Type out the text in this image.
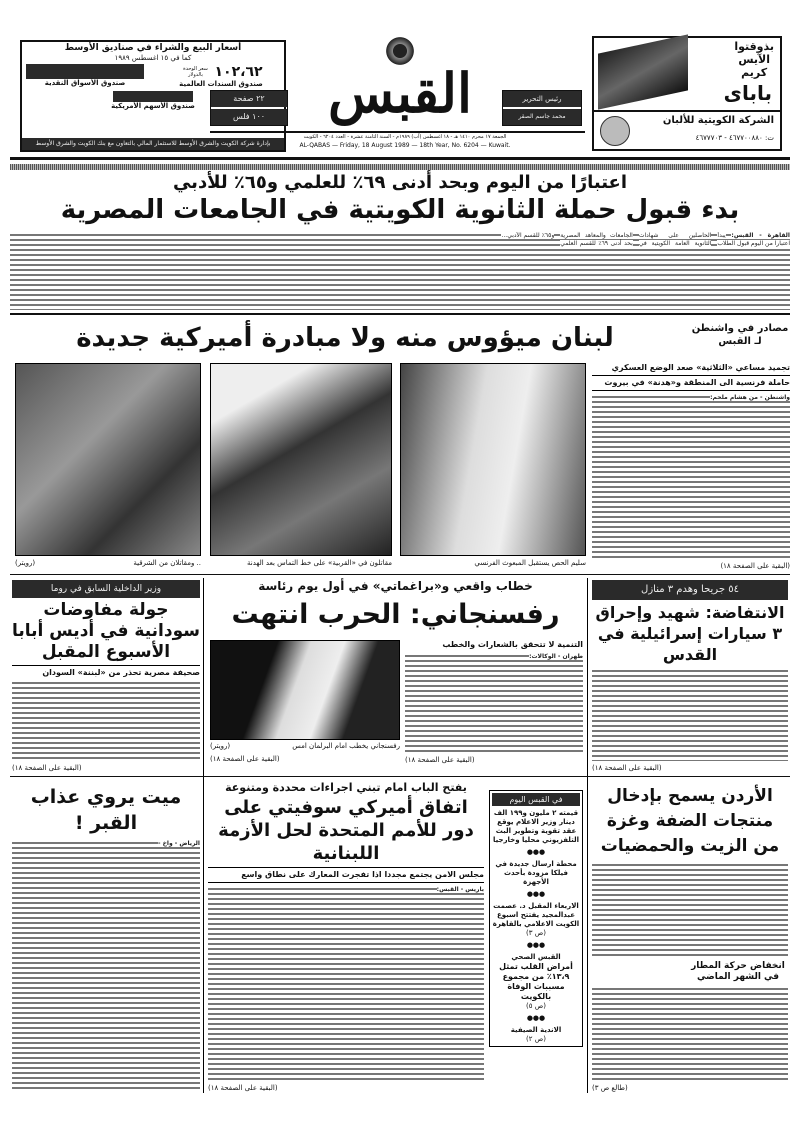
أسعار البيع والشراء في صناديق الأوسط
كما في ١٥ اغسطس ١٩٨٩
١٠٢،٦٢
سعر الوحدة بالدولار
صندوق السندات العالمية
صندوق الأسواق النقدية
صندوق الأسهم الأمريكية
بإدارة شركة الكويت والشرق الأوسط للاستثمار المالي بالتعاون مع بنك الكويت والشرق الأوسط
٢٢ صفحة
١٠٠ فلس
رئيس التحرير
محمد جاسم الصقر
القبس
الجمعة ١٧ محرم ١٤١٠ هـ - ١٨ اغسطس (آب) ١٩٨٩م - السنة الثامنة عشرة - العدد ٦٢٠٤ - الكويت
AL-QABAS — Friday, 18 August 1989 — 18th Year, No. 6204 — Kuwait.
بذوقتوا
الآيس
كريم
بابای
الشركة الكويتية للألبان
ت: ٤٦٧٧٠٠٨٨٠ - ٤٦٧٧٧٠٣
اعتبارًا من اليوم وبحد أدنى ٦٩٪ للعلمي و٦٥٪ للأدبي
بدء قبول حملة الثانوية الكويتية في الجامعات المصرية
القاهرة - القبس: يبدأ اعتبارا من اليوم قبول الطلاب الحاصلين على شهادات الثانوية العامة الكويتية في الجامعات والمعاهد المصرية بحد أدنى ٦٩٪ للقسم العلمي و٦٥٪ للقسم الأدبي...
مصادر في واشنطن لـ القبس
لبنان ميؤوس منه ولا مبادرة أميركية جديدة
.. ومقاتلان من الشرقية
(رويتر)	مقاتلون في «القربية» على خط التماس بعد الهدنة	سليم الحص يستقبل المبعوث الفرنسي
تجميد مساعي «الثلاثية» صعد الوضع العسكري
حاملة فرنسية الى المنطقة و«هدنة» في بيروت
واشنطن - من هشام ملحم:
(البقية على الصفحة ١٨)
وزير الداخلية السابق في روما
جولة مفاوضات سودانية في أديس أبابا الأسبوع المقبل
صحيفة مصرية تحذر من «لبننة» السودان
(البقية على الصفحة ١٨)
خطاب واقعي و«براغماتي» في أول يوم رئاسة
رفسنجاني: الحرب انتهت
التنمية لا تتحقق بالشعارات والخطب
طهران - الوكالات:
(البقية على الصفحة ١٨)
رفسنجاني يخطب امام البرلمان امس
(رويتر)
(البقية على الصفحة ١٨)
٥٤ جريحا وهدم ٣ منازل
الانتفاضة: شهيد وإحراق ٣ سيارات إسرائيلية في القدس
(البقية على الصفحة ١٨)
ميت يروي عذاب القبر !
الرياض - واخ -
يفتح الباب امام تبني اجراءات محددة ومتنوعة
اتفاق أميركي سوفيتي على دور للأمم المتحدة لحل الأزمة اللبنانية
مجلس الامن يجتمع مجددا اذا تفجرت المعارك على نطاق واسع
باريس - القبس:
(البقية على الصفحة ١٨)
في القبس اليوم
قيمته ٢ مليون و١٩٩ الف دينار وزير الاعلام يوقع عقد تقوية وتطوير البث التلفزيوني محليا وخارجيا
●●●
محطة ارسال جديدة في فيلكا مزودة بأحدث الأجهزة
●●●
الاربعاء المقبل د. عصمت عبدالمجيد يفتتح اسبوع الكويت الاعلامي بالقاهرة
(ص ٣)
●●●
القبس الصحي
أمراض القلب تمثل ١٣،٩٪ من مجموع مسببات الوفاة بالكويت
(ص ٥)
●●●
الاندية الصيفية
(ص ٢)
الأردن يسمح بإدخال منتجات الضفة وغزة من الزيت والحمضيات
انخفاض حركة المطار في الشهر الماضي
(طالع ص ٣)
